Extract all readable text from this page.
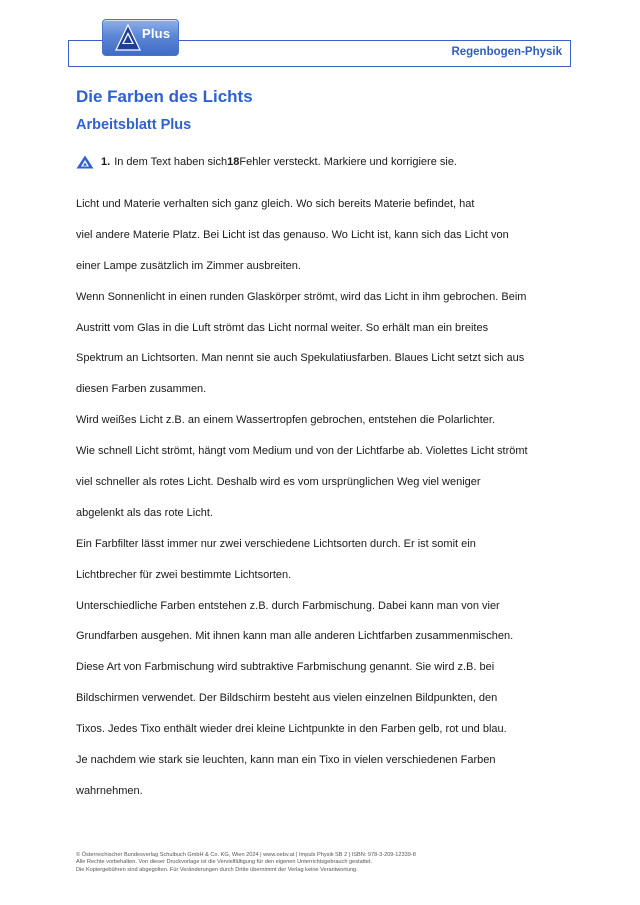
Plus
Regenbogen-Physik
Die Farben des Lichts
Arbeitsblatt Plus
1. In dem Text haben sich 18 Fehler versteckt. Markiere und korrigiere sie.
Licht und Materie verhalten sich ganz gleich. Wo sich bereits Materie befindet, hat
viel andere Materie Platz. Bei Licht ist das genauso. Wo Licht ist, kann sich das Licht von
einer Lampe zusätzlich im Zimmer ausbreiten.
Wenn Sonnenlicht in einen runden Glaskörper strömt, wird das Licht in ihm gebrochen. Beim
Austritt vom Glas in die Luft strömt das Licht normal weiter. So erhält man ein breites
Spektrum an Lichtsorten. Man nennt sie auch Spekulatiusfarben. Blaues Licht setzt sich aus
diesen Farben zusammen.
Wird weißes Licht z.B. an einem Wassertropfen gebrochen, entstehen die Polarlichter.
Wie schnell Licht strömt, hängt vom Medium und von der Lichtfarbe ab. Violettes Licht strömt
viel schneller als rotes Licht. Deshalb wird es vom ursprünglichen Weg viel weniger
abgelenkt als das rote Licht.
Ein Farbfilter lässt immer nur zwei verschiedene Lichtsorten durch. Er ist somit ein
Lichtbrecher für zwei bestimmte Lichtsorten.
Unterschiedliche Farben entstehen z.B. durch Farbmischung. Dabei kann man von vier
Grundfarben ausgehen. Mit ihnen kann man alle anderen Lichtfarben zusammenmischen.
Diese Art von Farbmischung wird subtraktive Farbmischung genannt. Sie wird z.B. bei
Bildschirmen verwendet. Der Bildschirm besteht aus vielen einzelnen Bildpunkten, den
Tixos. Jedes Tixo enthält wieder drei kleine Lichtpunkte in den Farben gelb, rot und blau.
Je nachdem wie stark sie leuchten, kann man ein Tixo in vielen verschiedenen Farben
wahrnehmen.
© Österreichischer Bundesverlag Schulbuch GmbH & Co. KG, Wien 2024 | www.oebv.at | Impuls Physik SB 2 | ISBN: 978-3-209-12339-8
Alle Rechte vorbehalten. Von dieser Druckvorlage ist die Vervielfältigung für den eigenen Unterrichtsgebrauch gestattet.
Die Kopiergebühren sind abgegolten. Für Veränderungen durch Dritte übernimmt der Verlag keine Verantwortung.
